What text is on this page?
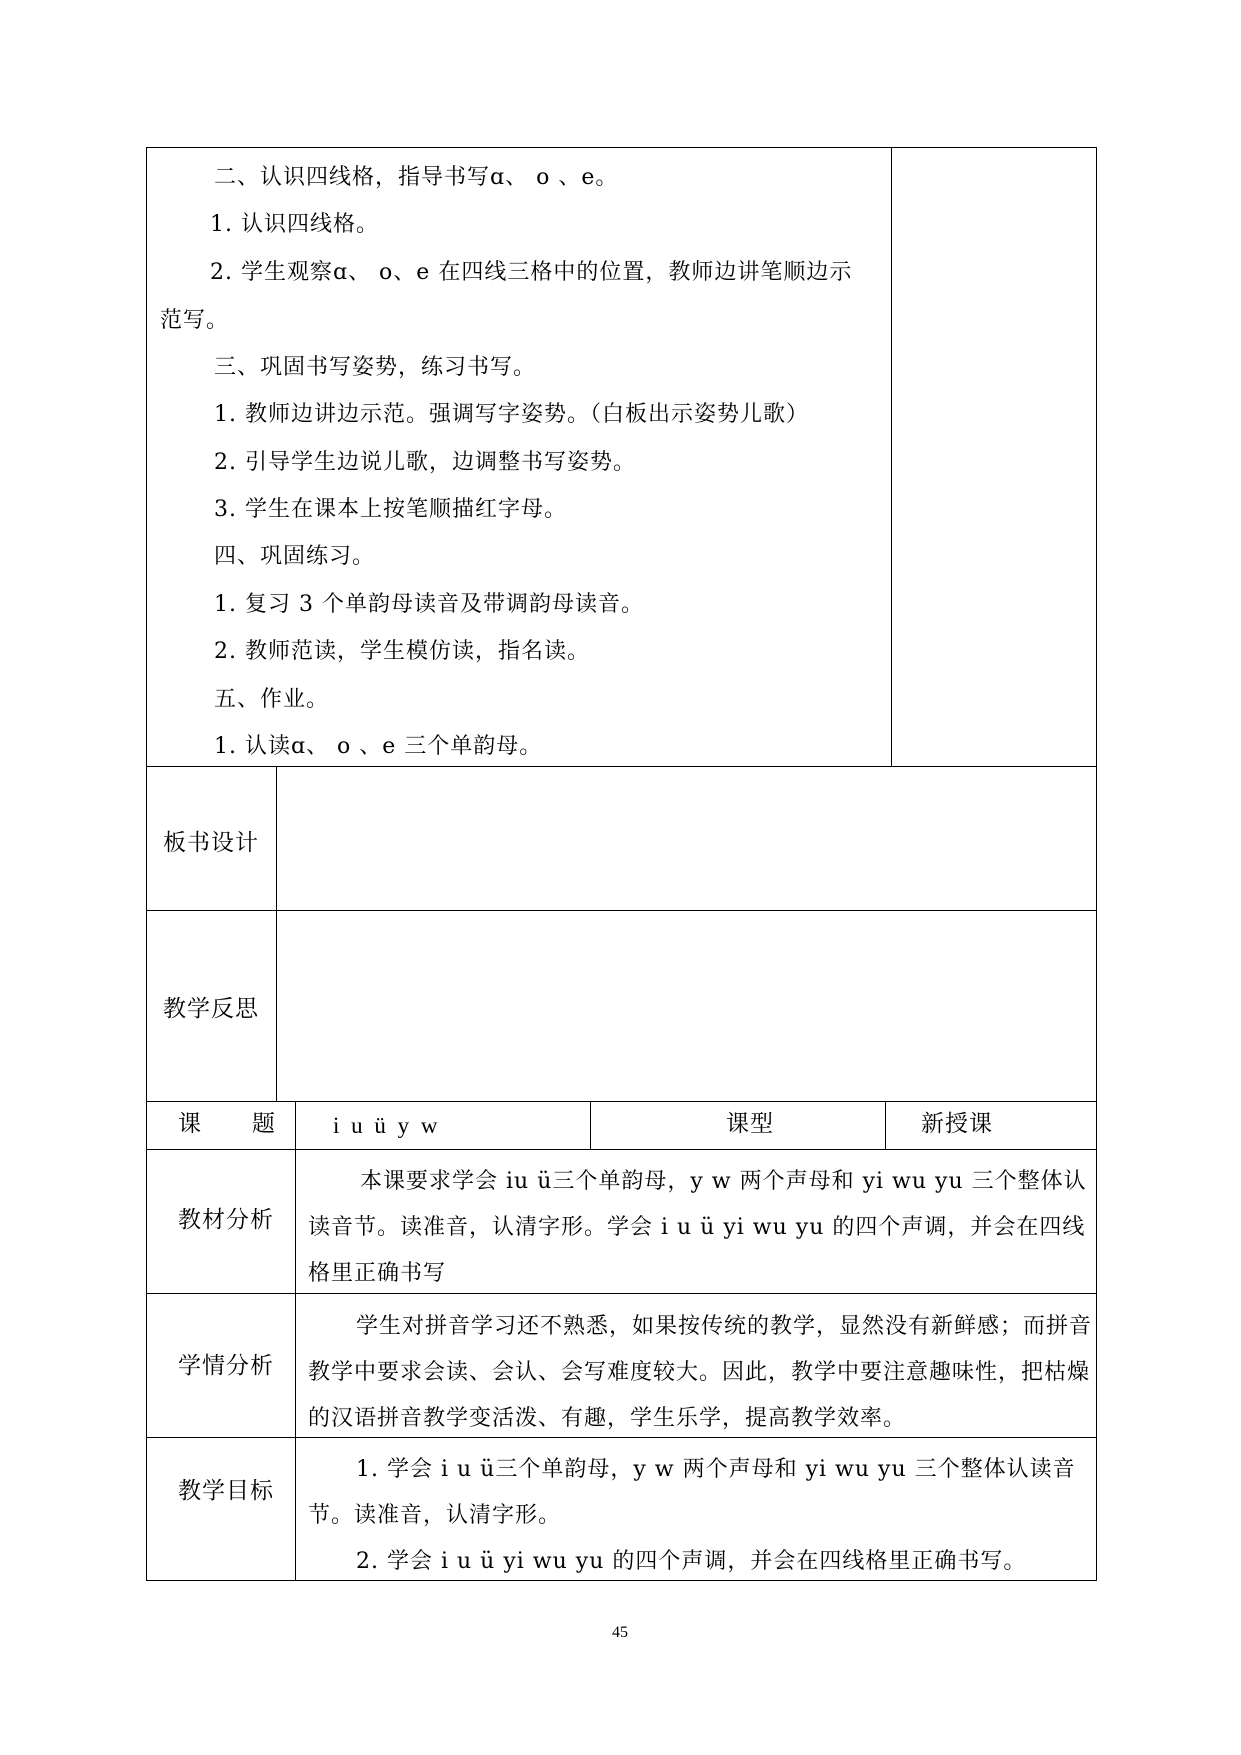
二、认识四线格，指导书写ɑ、 o 、e。
1. 认识四线格。
2. 学生观察ɑ、 o、e 在四线三格中的位置，教师边讲笔顺边示
范写。
三、巩固书写姿势，练习书写。
1. 教师边讲边示范。强调写字姿势。（白板出示姿势儿歌）
2. 引导学生边说儿歌，边调整书写姿势。
3. 学生在课本上按笔顺描红字母。
四、巩固练习。
1. 复习 3 个单韵母读音及带调韵母读音。
2. 教师范读，学生模仿读，指名读。
五、作业。
1. 认读ɑ、 o 、e 三个单韵母。
板书设计
教学反思
课      题 i u ü y w	课型	新授课
教材分析
本课要求学会 iu ü三个单韵母，y w 两个声母和 yi wu yu 三个整体认读音节。读准音，认清字形。学会 i u ü yi wu yu 的四个声调，并会在四线格里正确书写
学情分析
学生对拼音学习还不熟悉，如果按传统的教学，显然没有新鲜感；而拼音教学中要求会读、会认、会写难度较大。因此，教学中要注意趣味性，把枯燥的汉语拼音教学变活泼、有趣，学生乐学，提高教学效率。
教学目标
1. 学会 i u ü三个单韵母，y w 两个声母和 yi wu yu 三个整体认读音节。读准音，认清字形。
2. 学会 i u ü yi wu yu 的四个声调，并会在四线格里正确书写。
45
